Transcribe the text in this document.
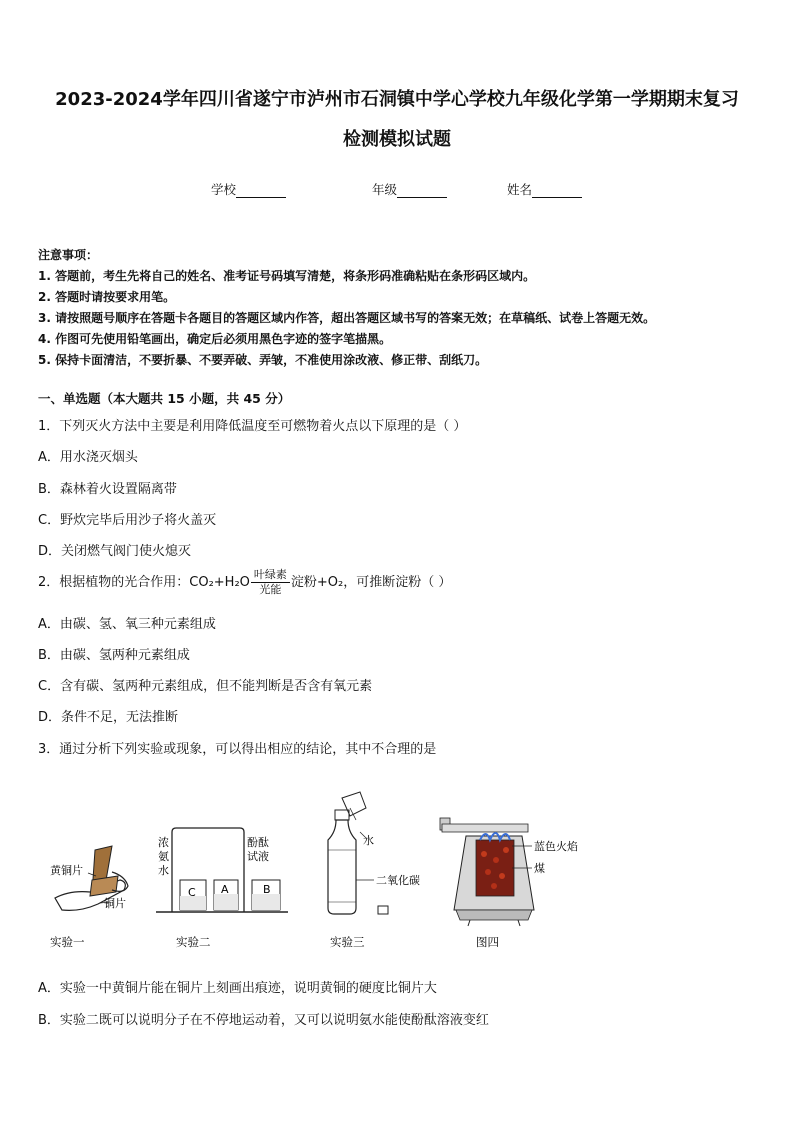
2023-2024学年四川省遂宁市泸州市石洞镇中学心学校九年级化学第一学期期末复习
检测模拟试题
学校	年级	姓名
注意事项：
1. 答题前，考生先将自己的姓名、准考证号码填写清楚，将条形码准确粘贴在条形码区域内。
2. 答题时请按要求用笔。
3. 请按照题号顺序在答题卡各题目的答题区域内作答，超出答题区域书写的答案无效；在草稿纸、试卷上答题无效。
4. 作图可先使用铅笔画出，确定后必须用黑色字迹的签字笔描黑。
5. 保持卡面清洁，不要折暴、不要弄破、弄皱，不准使用涂改液、修正带、刮纸刀。
一、单选题（本大题共 15 小题，共 45 分）
1．下列灭火方法中主要是利用降低温度至可燃物着火点以下原理的是（ ）
A．用水浇灭烟头
B．森林着火设置隔离带
C．野炊完毕后用沙子将火盖灭
D．关闭燃气阀门使火熄灭
2．根据植物的光合作用：$CO_2+H_2O \frac{\text{叶绿素}}{\text{光能}}$ 淀粉+O₂，可推断淀粉（ ）
A．由碳、氢、氧三种元素组成
B．由碳、氢两种元素组成
C．含有碳、氢两种元素组成，但不能判断是否含有氧元素
D．条件不足，无法推断
3．通过分析下列实验或现象，可以得出相应的结论，其中不合理的是
黄铜片
铜片
实验一
C A	B
浓
氨
水
酚酞
试液
实验二
水
二氧化碳
实验三
蓝色火焰
煤
图四
A．实验一中黄铜片能在铜片上刻画出痕迹，说明黄铜的硬度比铜片大
B．实验二既可以说明分子在不停地运动着，又可以说明氨水能使酚酞溶液变红
